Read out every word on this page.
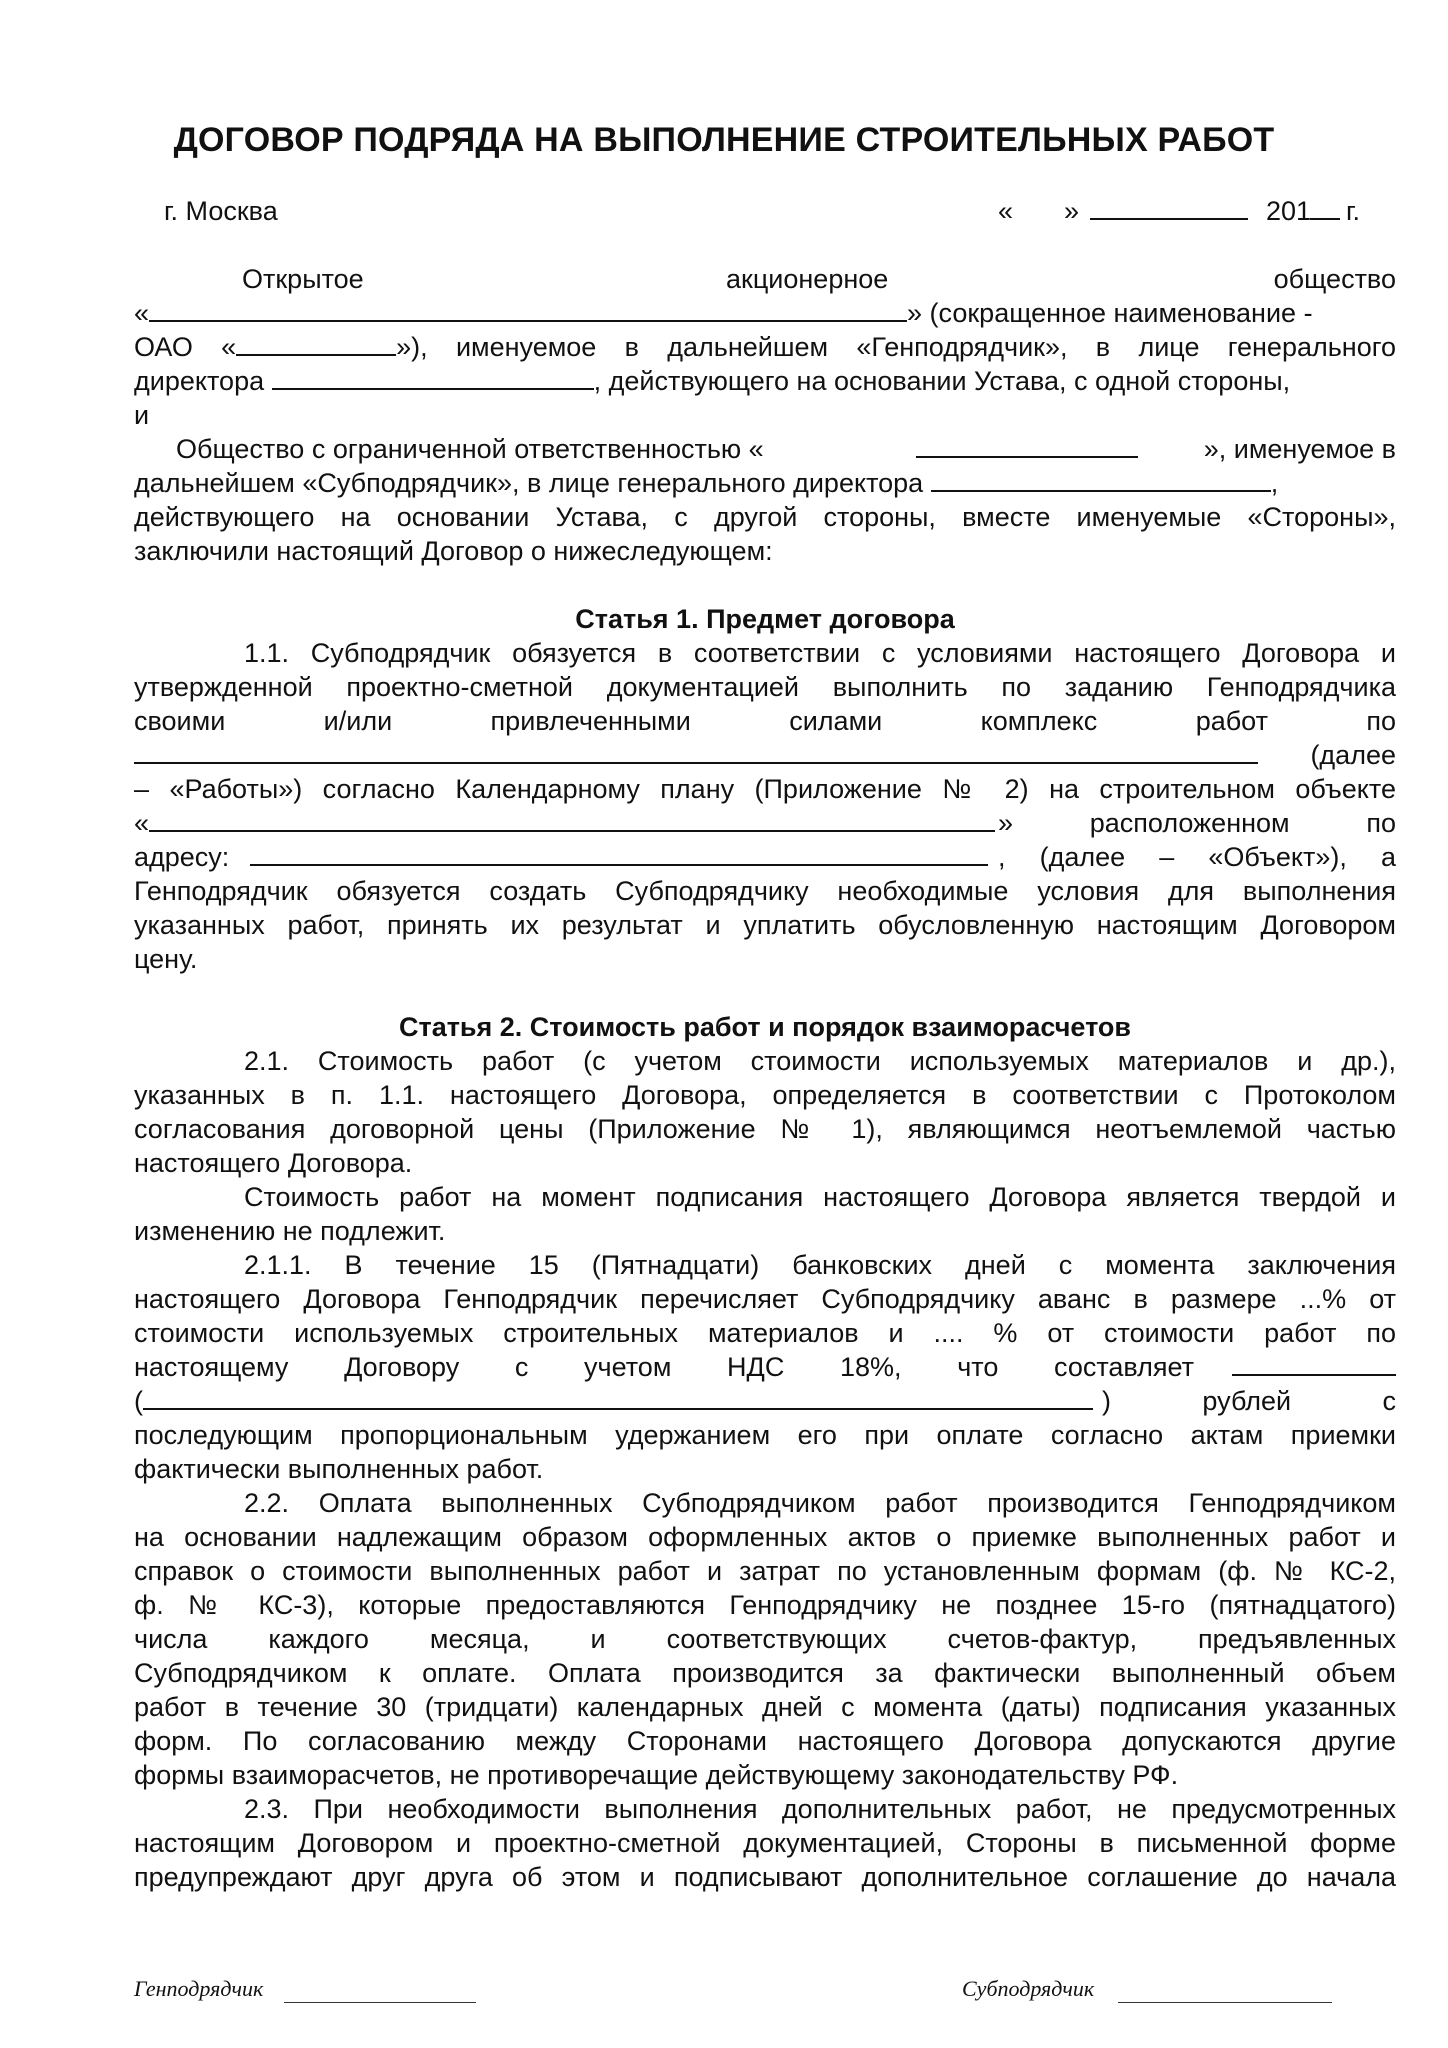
ДОГОВОР ПОДРЯДА НА ВЫПОЛНЕНИЕ СТРОИТЕЛЬНЫХ РАБОТ
г. Москва	« »	201 г.
Открытое	акционерное	общество
«	» (сокращенное наименование -
ОАО «	»), именуемое в дальнейшем «Генподрядчик», в лице генерального
директора	, действующего на основании Устава, с одной стороны,
и
Общество с ограниченной ответственностью «	», именуемое в
дальнейшем «Субподрядчик», в лице генерального директора	,
действующего на основании Устава, с другой стороны, вместе именуемые «Стороны»,
заключили настоящий Договор о нижеследующем:
Статья 1. Предмет договора
1.1. Субподрядчик обязуется в соответствии с условиями настоящего Договора и
утвержденной проектно-сметной документацией выполнить по заданию Генподрядчика
своими и/или привлеченными силами комплекс работ по
(далее
– «Работы») согласно Календарному плану (Приложение № 2) на строительном объекте
«	» расположенном по
адресу:	, (далее – «Объект»), а
Генподрядчик обязуется создать Субподрядчику необходимые условия для выполнения
указанных работ, принять их результат и уплатить обусловленную настоящим Договором
цену.
Статья 2. Стоимость работ и порядок взаиморасчетов
2.1. Стоимость работ (с учетом стоимости используемых материалов и др.),
указанных в п. 1.1. настоящего Договора, определяется в соответствии с Протоколом
согласования договорной цены (Приложение № 1), являющимся неотъемлемой частью
настоящего Договора.
Стоимость работ на момент подписания настоящего Договора является твердой и
изменению не подлежит.
2.1.1. В течение 15 (Пятнадцати) банковских дней с момента заключения
настоящего Договора Генподрядчик перечисляет Субподрядчику аванс в размере ...% от
стоимости используемых строительных материалов и .... % от стоимости работ по
настоящему Договору с учетом НДС 18%, что составляет
(	) рублей с
последующим пропорциональным удержанием его при оплате согласно актам приемки
фактически выполненных работ.
2.2. Оплата выполненных Субподрядчиком работ производится Генподрядчиком
на основании надлежащим образом оформленных актов о приемке выполненных работ и
справок о стоимости выполненных работ и затрат по установленным формам (ф. № КС-2,
ф. № КС-3), которые предоставляются Генподрядчику не позднее 15-го (пятнадцатого)
числа каждого месяца, и соответствующих счетов-фактур, предъявленных
Субподрядчиком к оплате. Оплата производится за фактически выполненный объем
работ в течение 30 (тридцати) календарных дней с момента (даты) подписания указанных
форм. По согласованию между Сторонами настоящего Договора допускаются другие
формы взаиморасчетов, не противоречащие действующему законодательству РФ.
2.3. При необходимости выполнения дополнительных работ, не предусмотренных
настоящим Договором и проектно-сметной документацией, Стороны в письменной форме
предупреждают друг друга об этом и подписывают дополнительное соглашение до начала
Генподрядчик	Субподрядчик
